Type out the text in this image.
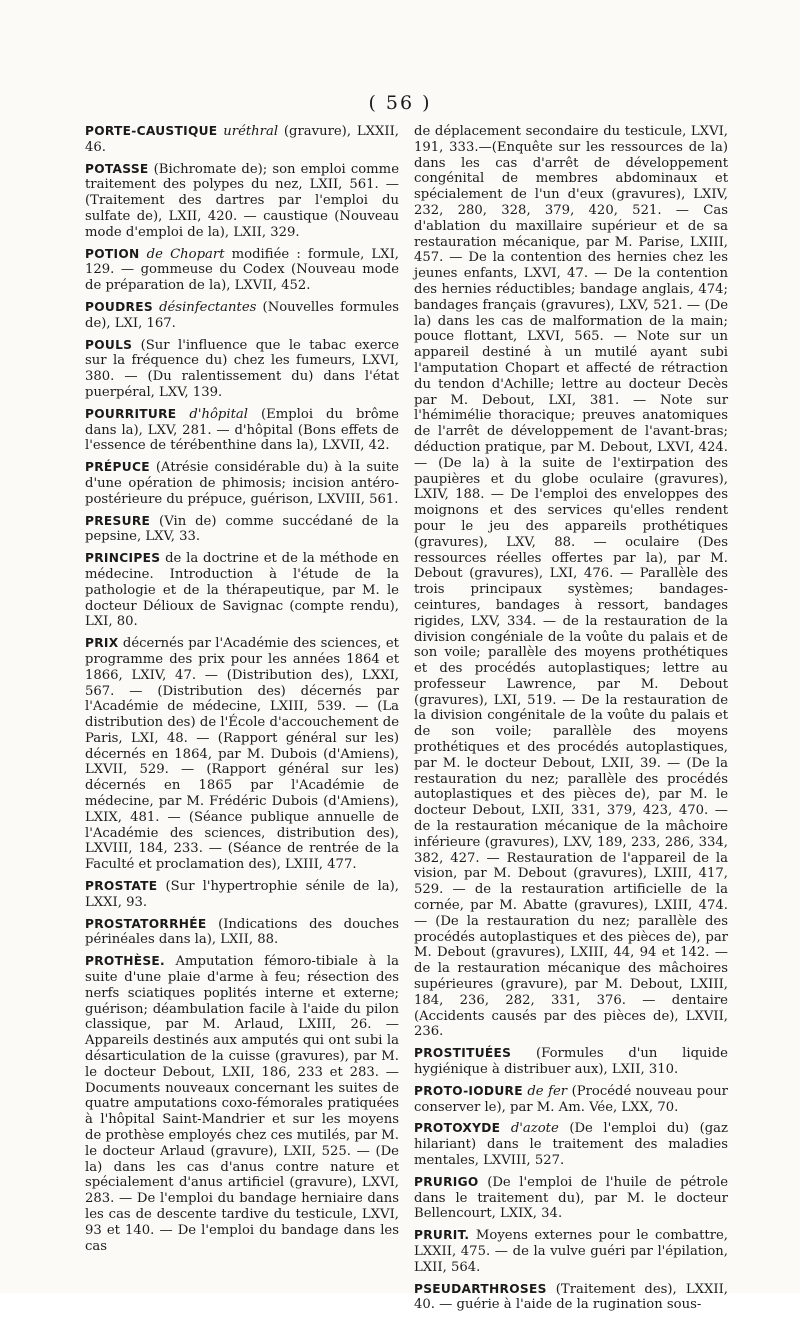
( 56 )

PORTE-CAUSTIQUE uréthral (gravure), LXXII, 46.

POTASSE (Bichromate de); son emploi comme traitement des polypes du nez, LXII, 561. — (Traitement des dartres par l'emploi du sulfate de), LXII, 420. — caustique (Nouveau mode d'emploi de la), LXII, 329.

POTION de Chopart modifiée : formule, LXI, 129. — gommeuse du Codex (Nouveau mode de préparation de la), LXVII, 452.

POUDRES désinfectantes (Nouvelles formules de), LXI, 167.

POULS (Sur l'influence que le tabac exerce sur la fréquence du) chez les fumeurs, LXVI, 380. — (Du ralentissement du) dans l'état puerpéral, LXV, 139.

POURRITURE d'hôpital (Emploi du brôme dans la), LXV, 281. — d'hôpital (Bons effets de l'essence de térébenthine dans la), LXVII, 42.

PRÉPUCE (Atrésie considérable du) à la suite d'une opération de phimosis; incision antéro-postérieure du prépuce, guérison, LXVIII, 561.

PRESURE (Vin de) comme succédané de la pepsine, LXV, 33.

PRINCIPES de la doctrine et de la méthode en médecine. Introduction à l'étude de la pathologie et de la thérapeutique, par M. le docteur Délioux de Savignac (compte rendu), LXI, 80.

PRIX décernés par l'Académie des sciences, et programme des prix pour les années 1864 et 1866, LXIV, 47. — (Distribution des), LXXI, 567. — (Distribution des) décernés par l'Académie de médecine, LXIII, 539. — (La distribution des) de l'École d'accouchement de Paris, LXI, 48. — (Rapport général sur les) décernés en 1864, par M. Dubois (d'Amiens), LXVII, 529. — (Rapport général sur les) décernés en 1865 par l'Académie de médecine, par M. Frédéric Dubois (d'Amiens), LXIX, 481. — (Séance publique annuelle de l'Académie des sciences, distribution des), LXVIII, 184, 233. — (Séance de rentrée de la Faculté et proclamation des), LXIII, 477.

PROSTATE (Sur l'hypertrophie sénile de la), LXXI, 93.

PROSTATORRHÉE (Indications des douches périnéales dans la), LXII, 88.

PROTHÈSE. Amputation fémoro-tibiale à la suite d'une plaie d'arme à feu; résection des nerfs sciatiques poplités interne et externe; guérison; déambulation facile à l'aide du pilon classique, par M. Arlaud, LXIII, 26. — Appareils destinés aux amputés qui ont subi la désarticulation de la cuisse (gravures), par M. le docteur Debout, LXII, 186, 233 et 283. — Documents nouveaux concernant les suites de quatre amputations coxo-fémorales pratiquées à l'hôpital Saint-Mandrier et sur les moyens de prothèse employés chez ces mutilés, par M. le docteur Arlaud (gravure), LXII, 525. — (De la) dans les cas d'anus contre nature et spécialement d'anus artificiel (gravure), LXVI, 283. — De l'emploi du bandage herniaire dans les cas de descente tardive du testicule, LXVI, 93 et 140. — De l'emploi du bandage dans les cas

de déplacement secondaire du testicule, LXVI, 191, 333.—(Enquête sur les ressources de la) dans les cas d'arrêt de développement congénital de membres abdominaux et spécialement de l'un d'eux (gravures), LXIV, 232, 280, 328, 379, 420, 521. — Cas d'ablation du maxillaire supérieur et de sa restauration mécanique, par M. Parise, LXIII, 457. — De la contention des hernies chez les jeunes enfants, LXVI, 47. — De la contention des hernies réductibles; bandage anglais, 474; bandages français (gravures), LXV, 521. — (De la) dans les cas de malformation de la main; pouce flottant, LXVI, 565. — Note sur un appareil destiné à un mutilé ayant subi l'amputation Chopart et affecté de rétraction du tendon d'Achille; lettre au docteur Decès par M. Debout, LXI, 381. — Note sur l'hémimélie thoracique; preuves anatomiques de l'arrêt de développement de l'avant-bras; déduction pratique, par M. Debout, LXVI, 424. — (De la) à la suite de l'extirpation des paupières et du globe oculaire (gravures), LXIV, 188. — De l'emploi des enveloppes des moignons et des services qu'elles rendent pour le jeu des appareils prothétiques (gravures), LXV, 88. — oculaire (Des ressources réelles offertes par la), par M. Debout (gravures), LXI, 476. — Parallèle des trois principaux systèmes; bandages-ceintures, bandages à ressort, bandages rigides, LXV, 334. — de la restauration de la division congéniale de la voûte du palais et de son voile; parallèle des moyens prothétiques et des procédés autoplastiques; lettre au professeur Lawrence, par M. Debout (gravures), LXI, 519. — De la restauration de la division congénitale de la voûte du palais et de son voile; parallèle des moyens prothétiques et des procédés autoplastiques, par M. le docteur Debout, LXII, 39. — (De la restauration du nez; parallèle des procédés autoplastiques et des pièces de), par M. le docteur Debout, LXII, 331, 379, 423, 470. — de la restauration mécanique de la mâchoire inférieure (gravures), LXV, 189, 233, 286, 334, 382, 427. — Restauration de l'appareil de la vision, par M. Debout (gravures), LXIII, 417, 529. — de la restauration artificielle de la cornée, par M. Abatte (gravures), LXIII, 474. — (De la restauration du nez; parallèle des procédés autoplastiques et des pièces de), par M. Debout (gravures), LXIII, 44, 94 et 142. — de la restauration mécanique des mâchoires supérieures (gravure), par M. Debout, LXIII, 184, 236, 282, 331, 376. — dentaire (Accidents causés par des pièces de), LXVII, 236.

PROSTITUÉES (Formules d'un liquide hygiénique à distribuer aux), LXII, 310.

PROTO-IODURE de fer (Procédé nouveau pour conserver le), par M. Am. Vée, LXX, 70.

PROTOXYDE d'azote (De l'emploi du) (gaz hilariant) dans le traitement des maladies mentales, LXVIII, 527.

PRURIGO (De l'emploi de l'huile de pétrole dans le traitement du), par M. le docteur Bellencourt, LXIX, 34.

PRURIT. Moyens externes pour le combattre, LXXII, 475. — de la vulve guéri par l'épilation, LXII, 564.

PSEUDARTHROSES (Traitement des), LXXII, 40. — guérie à l'aide de la rugination sous-
